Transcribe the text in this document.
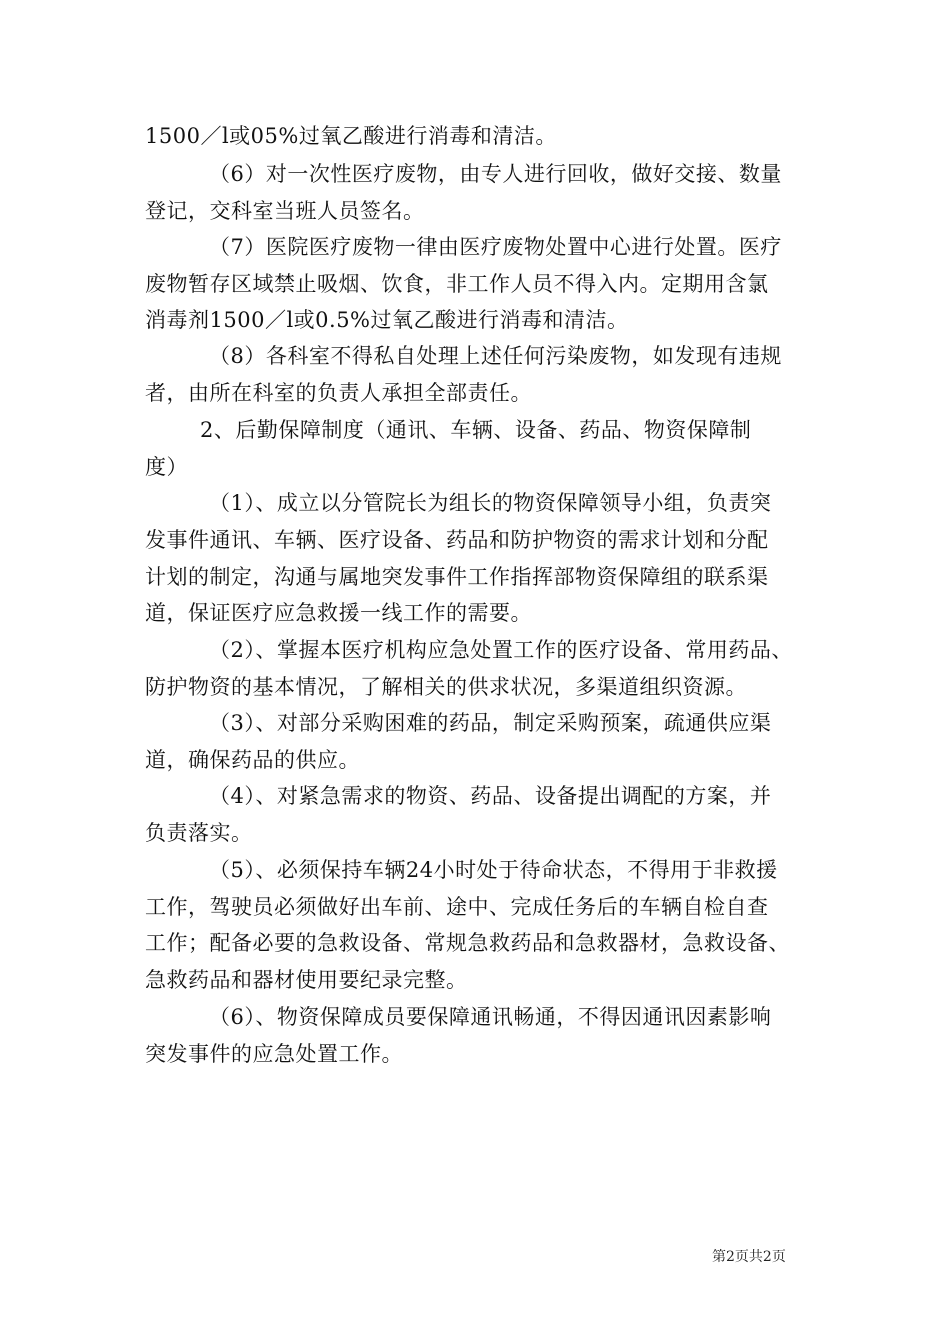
1500／l或05%过氧乙酸进行消毒和清洁。
（6）对一次性医疗废物，由专人进行回收，做好交接、数量
登记，交科室当班人员签名。
（7）医院医疗废物一律由医疗废物处置中心进行处置。医疗
废物暂存区域禁止吸烟、饮食，非工作人员不得入内。定期用含氯
消毒剂1500／l或0.5%过氧乙酸进行消毒和清洁。
（8）各科室不得私自处理上述任何污染废物，如发现有违规
者，由所在科室的负责人承担全部责任。
2、后勤保障制度（通讯、车辆、设备、药品、物资保障制
度）
（1）、成立以分管院长为组长的物资保障领导小组，负责突
发事件通讯、车辆、医疗设备、药品和防护物资的需求计划和分配
计划的制定，沟通与属地突发事件工作指挥部物资保障组的联系渠
道，保证医疗应急救援一线工作的需要。
（2）、掌握本医疗机构应急处置工作的医疗设备、常用药品、
防护物资的基本情况，了解相关的供求状况，多渠道组织资源。
（3）、对部分采购困难的药品，制定采购预案，疏通供应渠
道，确保药品的供应。
（4）、对紧急需求的物资、药品、设备提出调配的方案，并
负责落实。
（5）、必须保持车辆24小时处于待命状态，不得用于非救援
工作，驾驶员必须做好出车前、途中、完成任务后的车辆自检自查
工作；配备必要的急救设备、常规急救药品和急救器材，急救设备、
急救药品和器材使用要纪录完整。
（6）、物资保障成员要保障通讯畅通，不得因通讯因素影响
突发事件的应急处置工作。
第2页共2页
